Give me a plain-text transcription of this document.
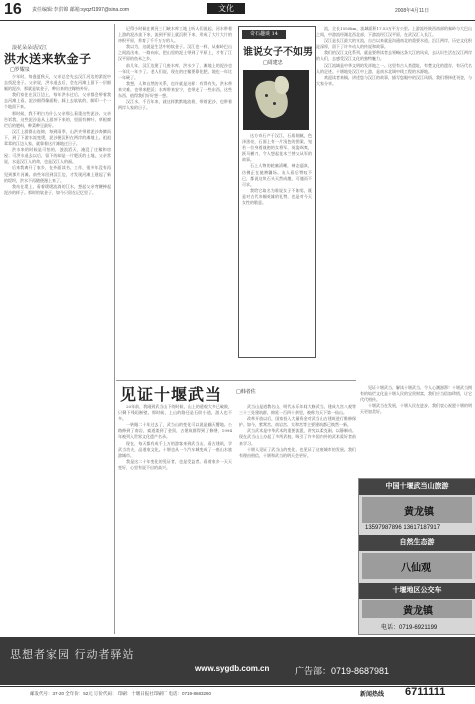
16 责任编辑:李洪锦 邮箱:syqzf1997@sina.com	文化	2008年4月11日
浪花朵朵话汉江
洪水送来软金子
□罗耀泉

少年时，每逢夏秋天，父亲总会先去汉江河边的淤泥中去找泥金子。父亲说，洪水退去后，会在河滩上留下一层细腻的泥沙，那就是软金子，种出来的庄稼格外好。

我们家住在汉江边上，每年洪水过后，父亲都会带着我去河滩上看。泥沙细得像面粉，踩上去软软的，脚印一个一个地留下来。

那时候，我不明白为什么父亲那么看重这些泥沙。父亲告诉我，这些泥沙是从上游冲下来的，里面有树叶、草根腐烂后的肥料，种菜种豆最好。

汉江上游群山连绵，每到雨季，山洪夹带着泥沙奔腾而下，到了下游水流变缓，泥沙便沉积在两岸的滩地上。祖祖辈辈的江边人家，就靠着这片滩地过日子。

洪水来的时候是可怕的，浊浪滔天，淹没了庄稼和房屋；可洪水退去以后，留下的却是一片肥沃的土地。父亲常说，水是汉江人的命，也是汉江人的福。

后来我离开了家乡，在外面读书、工作，很多年没有再见到那片河滩。前些年回到汉江边，才发现河滩上建起了新的堤坝，洪水不再随便漫上来了。

我站在堤上，看着缓缓流淌的江水，想起父亲弯腰捧起泥沙的样子。那时的软金子，如今只留在记忆里了。

记得小时候在黄河三门峡水库工地上听人们说起，河水带着上游的泥沙流下来，流到平原上就沉积下来，形成了大片大片的冲积平原，养育了千千万万的人。

我以为，这就是生活中的软金子。汉江也一样，从秦岭巴山之间流出来，一路向东，把山里的泥土带到了平原上，才有了江汉平原的鱼米之乡。

前几年，汉江边建了几座水库，洪水少了，滩地上的泥沙也一年比一年少了。老人们说，现在的庄稼要靠化肥，地也一年比一年硬了。

我想，人和自然的关系，也许就是这样：有得有失。洪水带来灾难，也带来肥沃；水库带来安宁，也带走了一些东西。这些东西，值得我们好好想一想。

汉江水，千百年来，就这样默默地流着，带着泥沙，也带着两岸人家的日子。

奇石趣谈 14
谁说女子不如男
□周建忠

这方奇石产于汉江，石质细腻，色泽黑亮，石面上有一片浅色的图案，宛若一位身着战袍的女将军，英姿飒爽，跃马横刀，令人想起花木兰替父从军的故事。

石上人物的轮廓清晰，神态逼真，仿佛正在驰骋疆场。友人看后赞叹不已，都说这块石头天然成趣，可遇而不可求。

我给它取名为谁说女子不如男，既是对古代巾帼英雄的礼赞，也是对今天女性的敬意。

流，全长1550km，流域面积17.53万平方公里。上游流经陕西南部的秦岭与大巴山之间，中游流经湖北西北部，下游流经江汉平原，在武汉汇入长江。

汉江是长江最大的支流，自古以来就是沟通南北的重要水道。沿江两岸，历史文化积淀深厚，留下了许多动人的传说和故事。

我们的汉江文化系列，就是要带读者去领略这条大江的风采，去认识生活在汉江两岸的人们，去感受汉江文化的独特魅力。

汉江流域是中华文明的发祥地之一。这里有古人类遗址，有楚文化的遗存，有历代名人的足迹。十堰地处汉江中上游，是南水北调中线工程的水源地。

欢迎读者来稿，讲述您与汉江的故事，描写您眼中的汉江风情。我们将择优刊登，与大家分享。

见证十堰武当	□韩者佐

20年前，我刚到武当山下的时候，山上的道观大多已破败，只剩下残垣断壁。那时候，上山的路还是石阶小道，游人也不多。

一转眼二十年过去了，武当山的变化可以说是翻天覆地。公路修到了南岩，索道架到了金顶，古建筑群得到了修缮，1994年被列入世界文化遗产名录。

现在，每天都有成千上万的游客来到武当山，看古建筑，学武当功夫，品道家文化。十堰也从一个汽车城变成了一座山水旅游城市。

我是这二十年变化的见证者，也是受益者。看着家乡一天天变好，心里有说不出的高兴。

武当山是道教名山，明代永乐年间大修武当，建成九宫八观等三十三处建筑群，绵延一百四十余里，被称为天下第一仙山。

改革开放以后，国家投入大量资金对武当山古建筑进行维修保护。如今，紫霄宫、南岩宫、太和宫等主要建筑都已焕然一新。

武当武术是中华武术的重要流派，讲究以柔克刚、以静制动。现在武当山上办起了多所武校，吸引了许多国内外的武术爱好者前来学习。

十堰人见证了武当山的变化，也见证了这座城市的发展。我们有理由相信，十堰和武当的明天会更好。

见证十堰武当，解读十堰武当，令人心潮澎湃！十堰武当拥有的灿烂文化是十堰人民的宝贵财富，我们应当倍加珍惜，让它代代相传。

十堰武当在发展，十堰人民在进步，我们衷心祝愿十堰的明天更加美好。

中国十堰武当山旅游
黄龙镇
13597987896 13617187917
自然生态游
八仙观
十堰地区公交车
黄龙镇
电话：0719-6921199
思想者家园 行动者驿站
www.sygdb.com.cn	广告部：0719-8687981
邮发代号：37-20 全年价：52元 订价代码： 印刷：十堰日报社印刷厂 电话：0719-8683260	新闻热线 6711111
